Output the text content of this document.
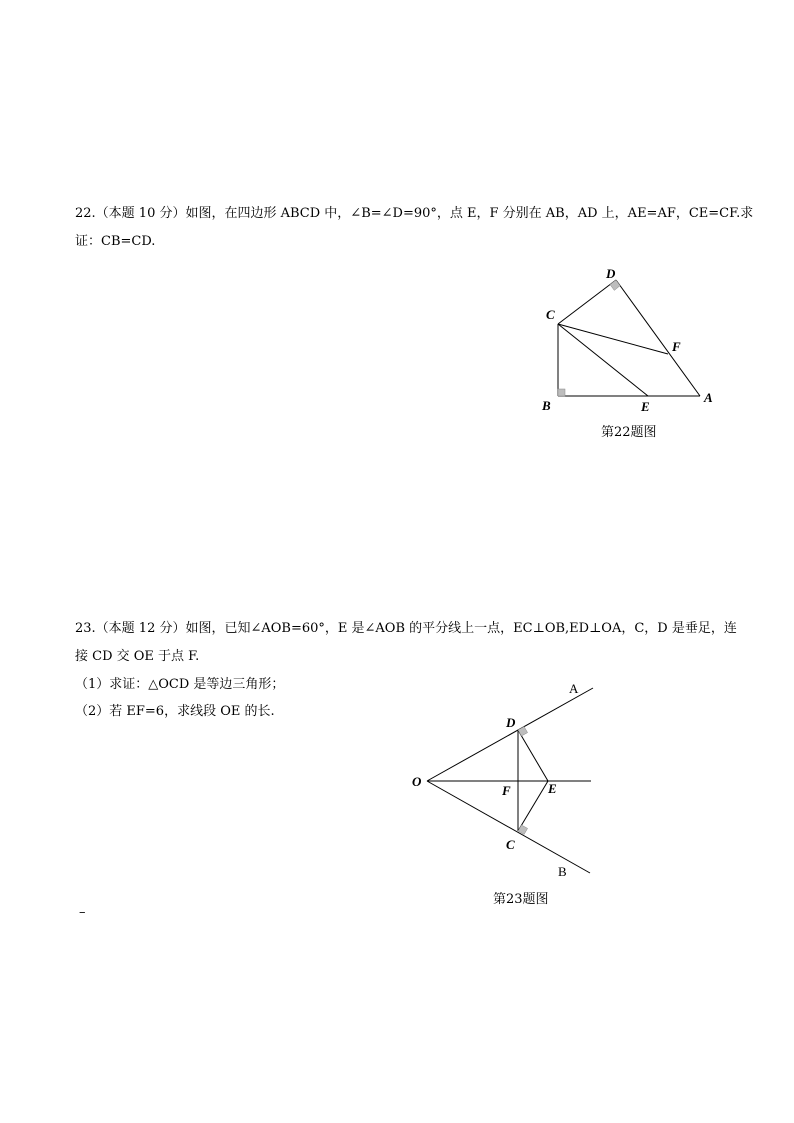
22.（本题 10 分）如图，在四边形 ABCD 中，∠B=∠D=90°，点 E，F 分别在 AB，AD 上，AE=AF，CE=CF.求
证：CB=CD.
D
C
F
B	E
A
第22题图
23.（本题 12 分）如图，已知∠AOB=60°，E 是∠AOB 的平分线上一点，EC⊥OB,ED⊥OA，C，D 是垂足，连
接 CD 交 OE 于点 F.
（1）求证：△OCD 是等边三角形；
（2）若 EF=6，求线段 OE 的长.
A
D
O
F	E
C
B
第23题图
–
